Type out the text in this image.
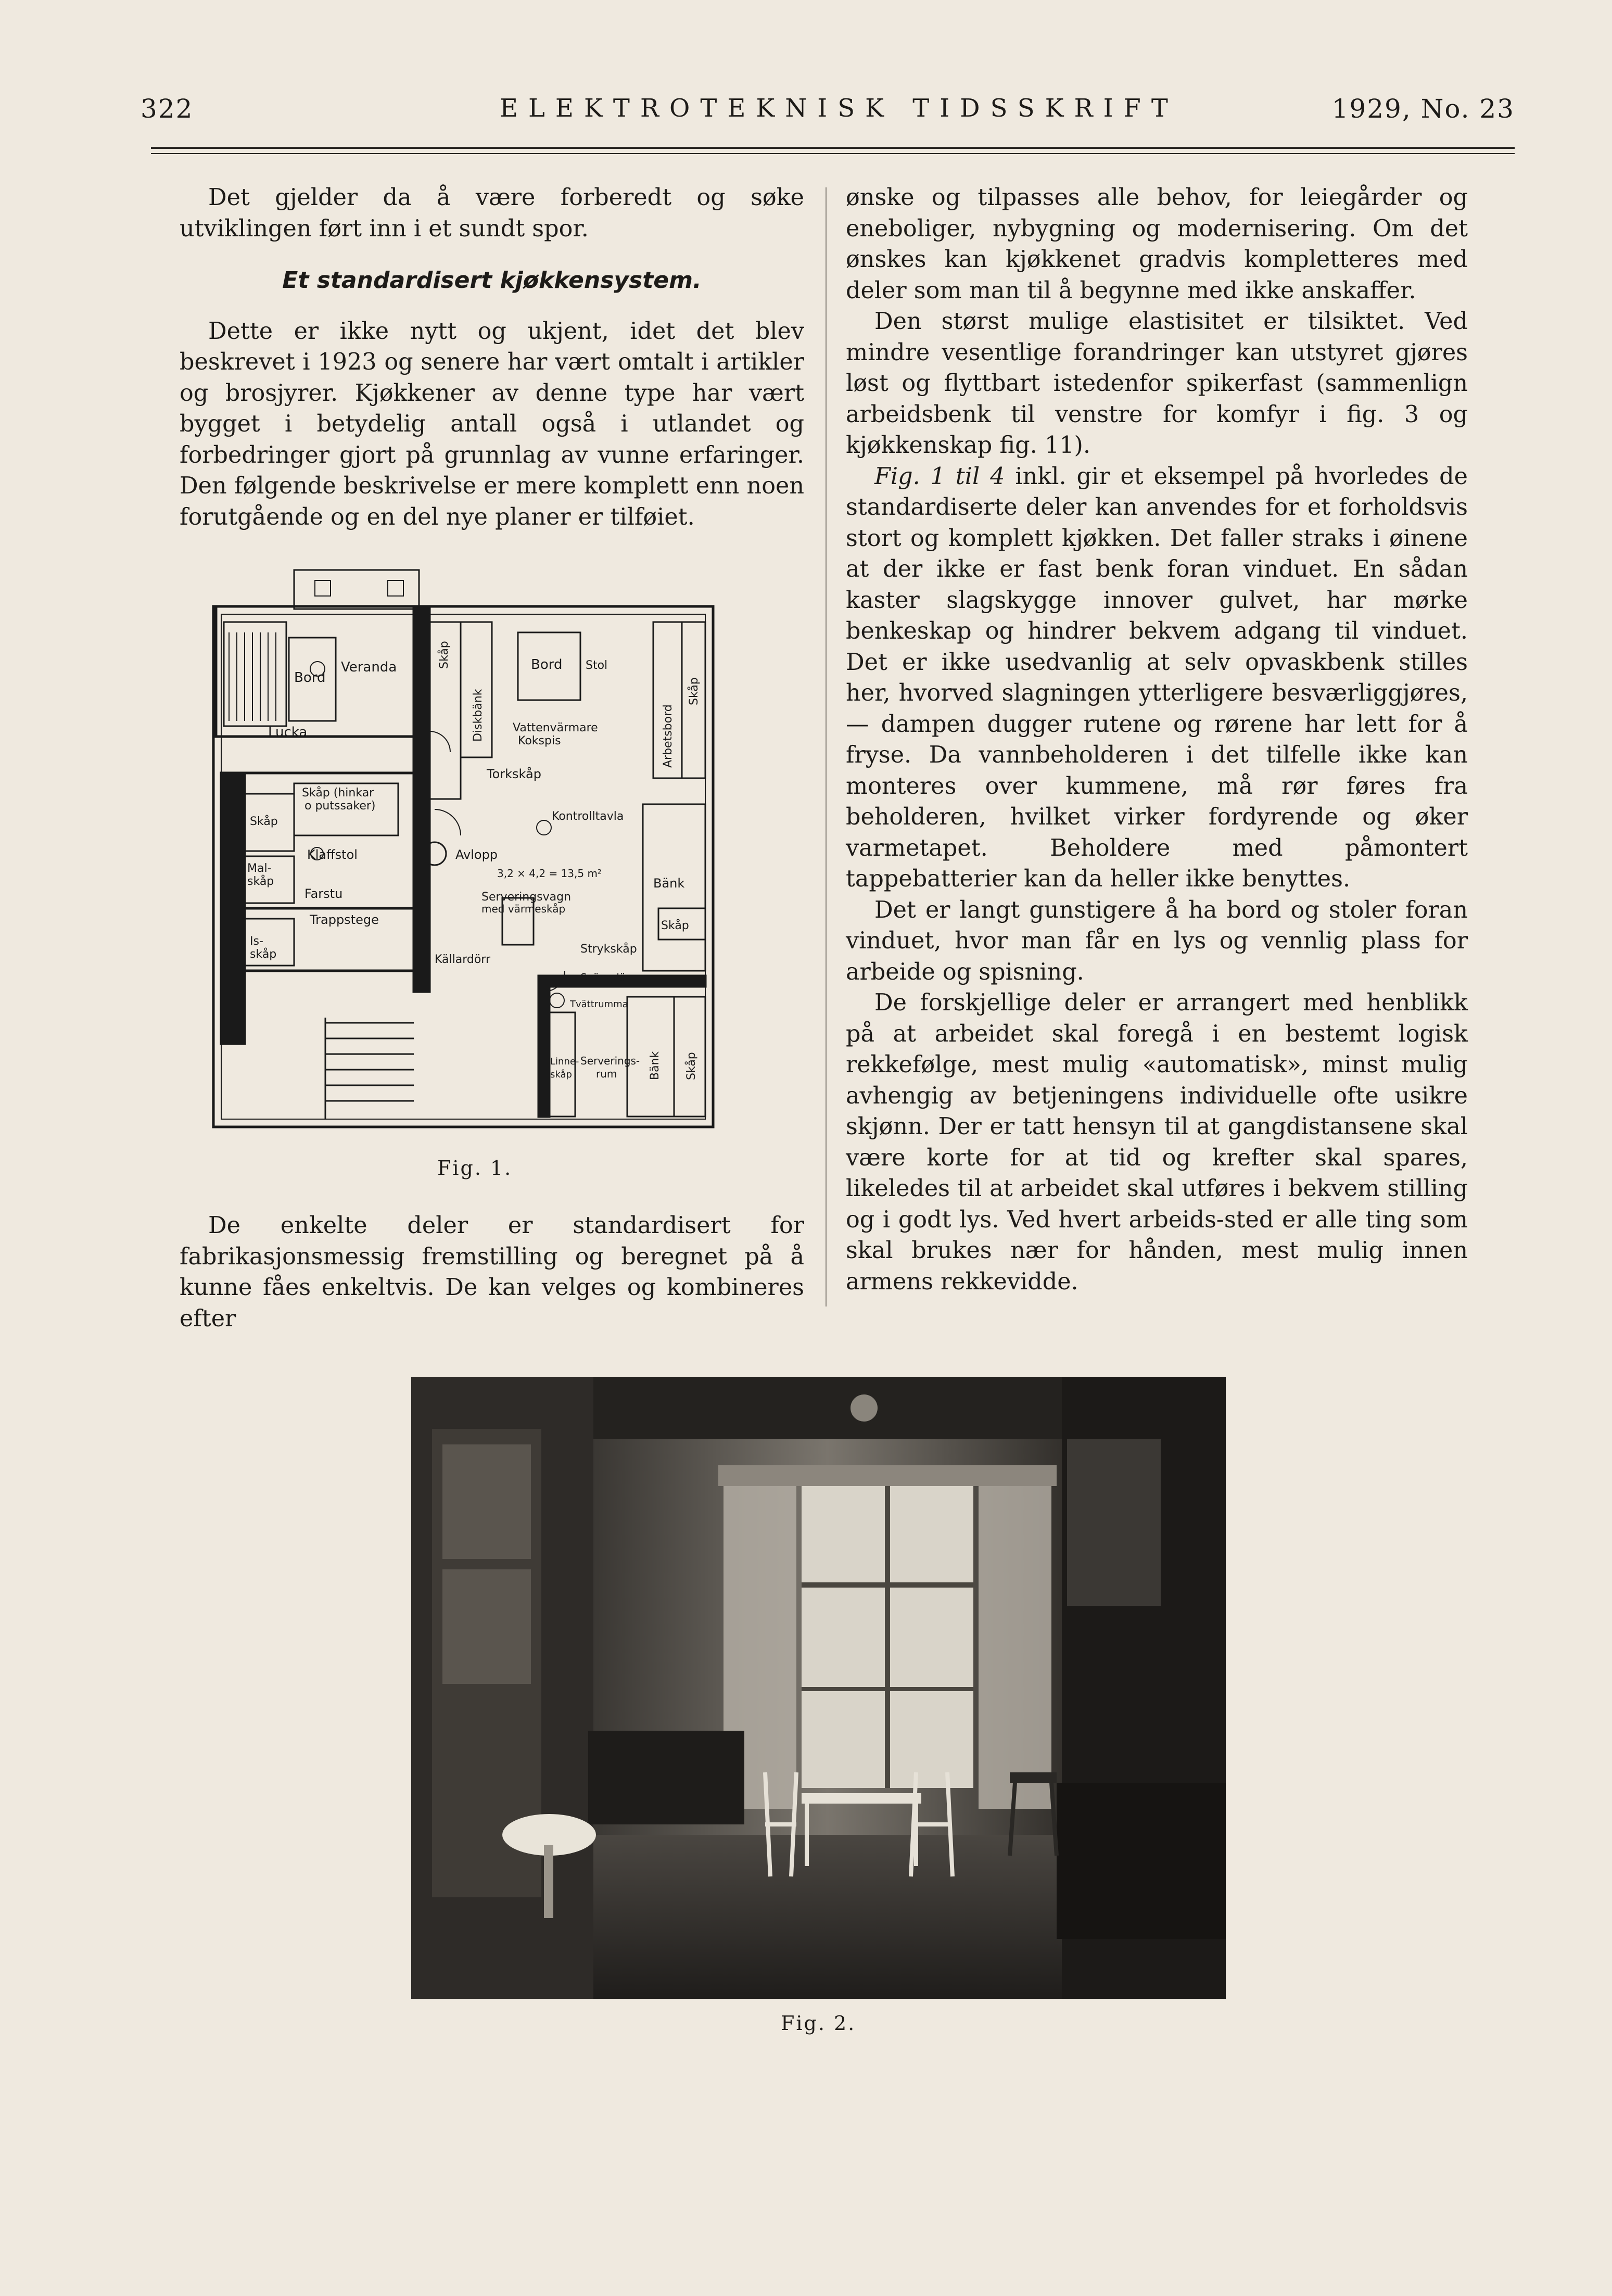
322	ELEKTROTEKNISK TIDSSKRIFT	1929, No. 23

Det gjelder da å være forberedt og søke utviklingen ført inn i et sundt spor.

Et standardisert kjøkkensystem.

Dette er ikke nytt og ukjent, idet det blev beskrevet i 1923 og senere har vært omtalt i artikler og brosjyrer. Kjøkkener av denne type har vært bygget i betydelig antall også i utlandet og forbedringer gjort på grunnlag av vunne erfaringer. Den følgende beskrivelse er mere komplett enn noen forutgående og en del nye planer er tilføiet.

Veranda
Bord
Lucka
Skåp (hinkar
o putssaker)
Skåp
Mal-
skåp
Klaffstol
Farstu
Trappstege
Is-
skåp
Bord Stol
Vattenvärmare
Kokspis
Torkskåp
Kontrolltavla
Avlopp
3,2 × 4,2 = 13,5 m²
Serveringsvagn
med värmeskåp
Bänk
Källardörr
Strykskåp
Skåp
Svängdörr
Tvättrumma
Linne-
skåp
Serverings-
rum
Skåp
Diskbänk	Arbetsbord
Skåp
Bänk Skåp
Fig. 1.

De enkelte deler er standardisert for fabrikasjonsmessig fremstilling og beregnet på å kunne fåes enkeltvis. De kan velges og kombineres efter

ønske og tilpasses alle behov, for leiegårder og eneboliger, nybygning og modernisering. Om det ønskes kan kjøkkenet gradvis kompletteres med deler som man til å begynne med ikke anskaffer.

Den størst mulige elastisitet er tilsiktet. Ved mindre vesentlige forandringer kan utstyret gjøres løst og flyttbart istedenfor spikerfast (sammenlign arbeidsbenk til venstre for komfyr i fig. 3 og kjøkkenskap fig. 11).

Fig. 1 til 4 inkl. gir et eksempel på hvorledes de standardiserte deler kan anvendes for et forholdsvis stort og komplett kjøkken. Det faller straks i øinene at der ikke er fast benk foran vinduet. En sådan kaster slagskygge innover gulvet, har mørke benkeskap og hindrer bekvem adgang til vinduet. Det er ikke usedvanlig at selv opvaskbenk stilles her, hvorved slagningen ytterligere besværliggjøres, — dampen dugger rutene og rørene har lett for å fryse. Da vannbeholderen i det tilfelle ikke kan monteres over kummene, må rør føres fra beholderen, hvilket virker fordyrende og øker varmetapet. Beholdere med påmontert tappebatterier kan da heller ikke benyttes.

Det er langt gunstigere å ha bord og stoler foran vinduet, hvor man får en lys og vennlig plass for arbeide og spisning.

De forskjellige deler er arrangert med henblikk på at arbeidet skal foregå i en bestemt logisk rekkefølge, mest mulig «automatisk», minst mulig avhengig av betjeningens individuelle ofte usikre skjønn. Der er tatt hensyn til at gangdistansene skal være korte for at tid og krefter skal spares, likeledes til at arbeidet skal utføres i bekvem stilling og i godt lys. Ved hvert arbeids-sted er alle ting som skal brukes nær for hånden, mest mulig innen armens rekkevidde.

Fig. 2.
